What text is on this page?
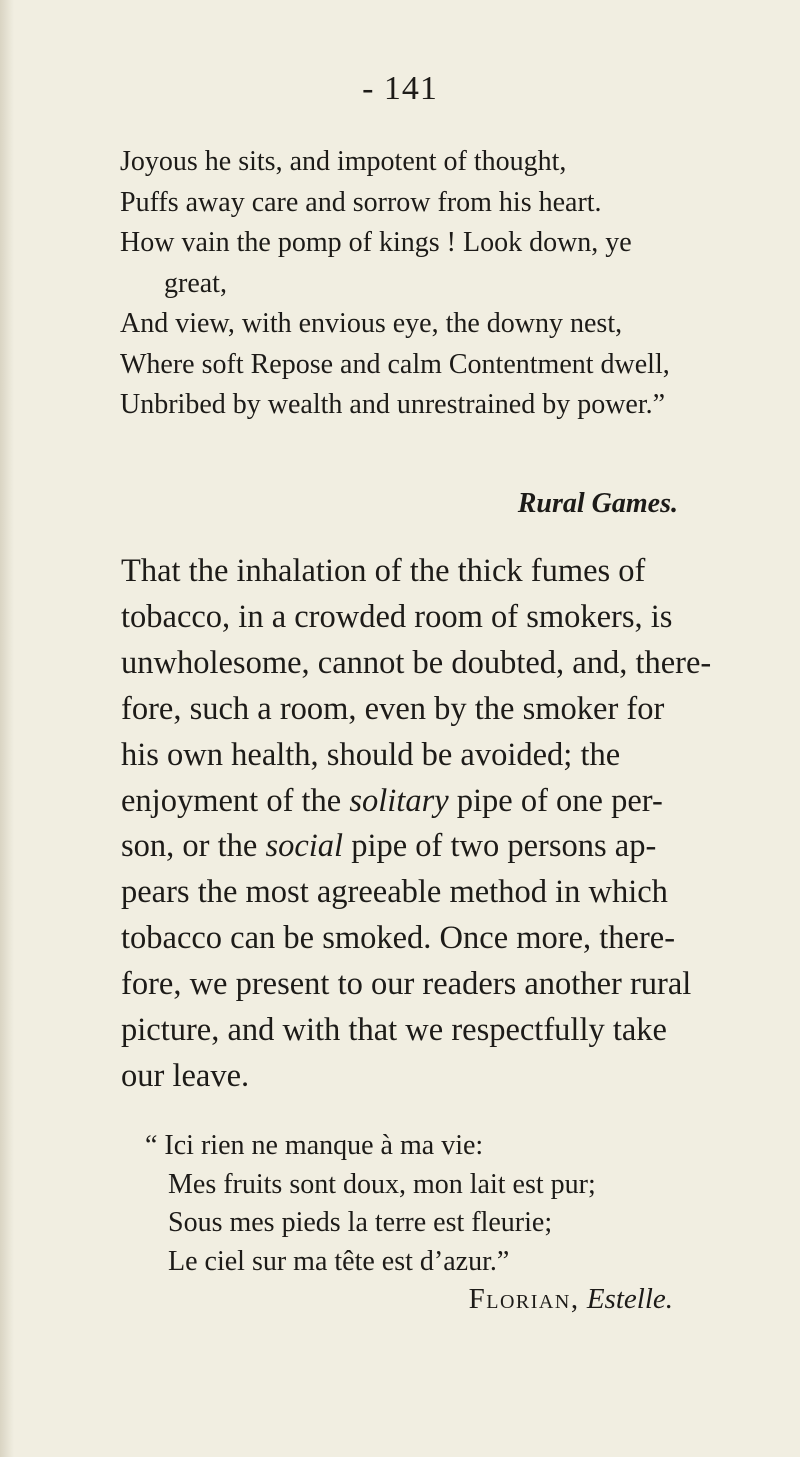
- 141
Joyous he sits, and impotent of thought,
Puffs away care and sorrow from his heart.
How vain the pomp of kings ! Look down, ye
great,
And view, with envious eye, the downy nest,
Where soft Repose and calm Contentment dwell,
Unbribed by wealth and unrestrained by power.”
Rural Games.
That the inhalation of the thick fumes of
tobacco, in a crowded room of smokers, is
unwholesome, cannot be doubted, and, there-
fore, such a room, even by the smoker for
his own health, should be avoided; the
enjoyment of the solitary pipe of one per-
son, or the social pipe of two persons ap-
pears the most agreeable method in which
tobacco can be smoked. Once more, there-
fore, we present to our readers another rural
picture, and with that we respectfully take
our leave.
“ Ici rien ne manque à ma vie:
Mes fruits sont doux, mon lait est pur;
Sous mes pieds la terre est fleurie;
Le ciel sur ma tête est d’azur.”
Florian, Estelle.
